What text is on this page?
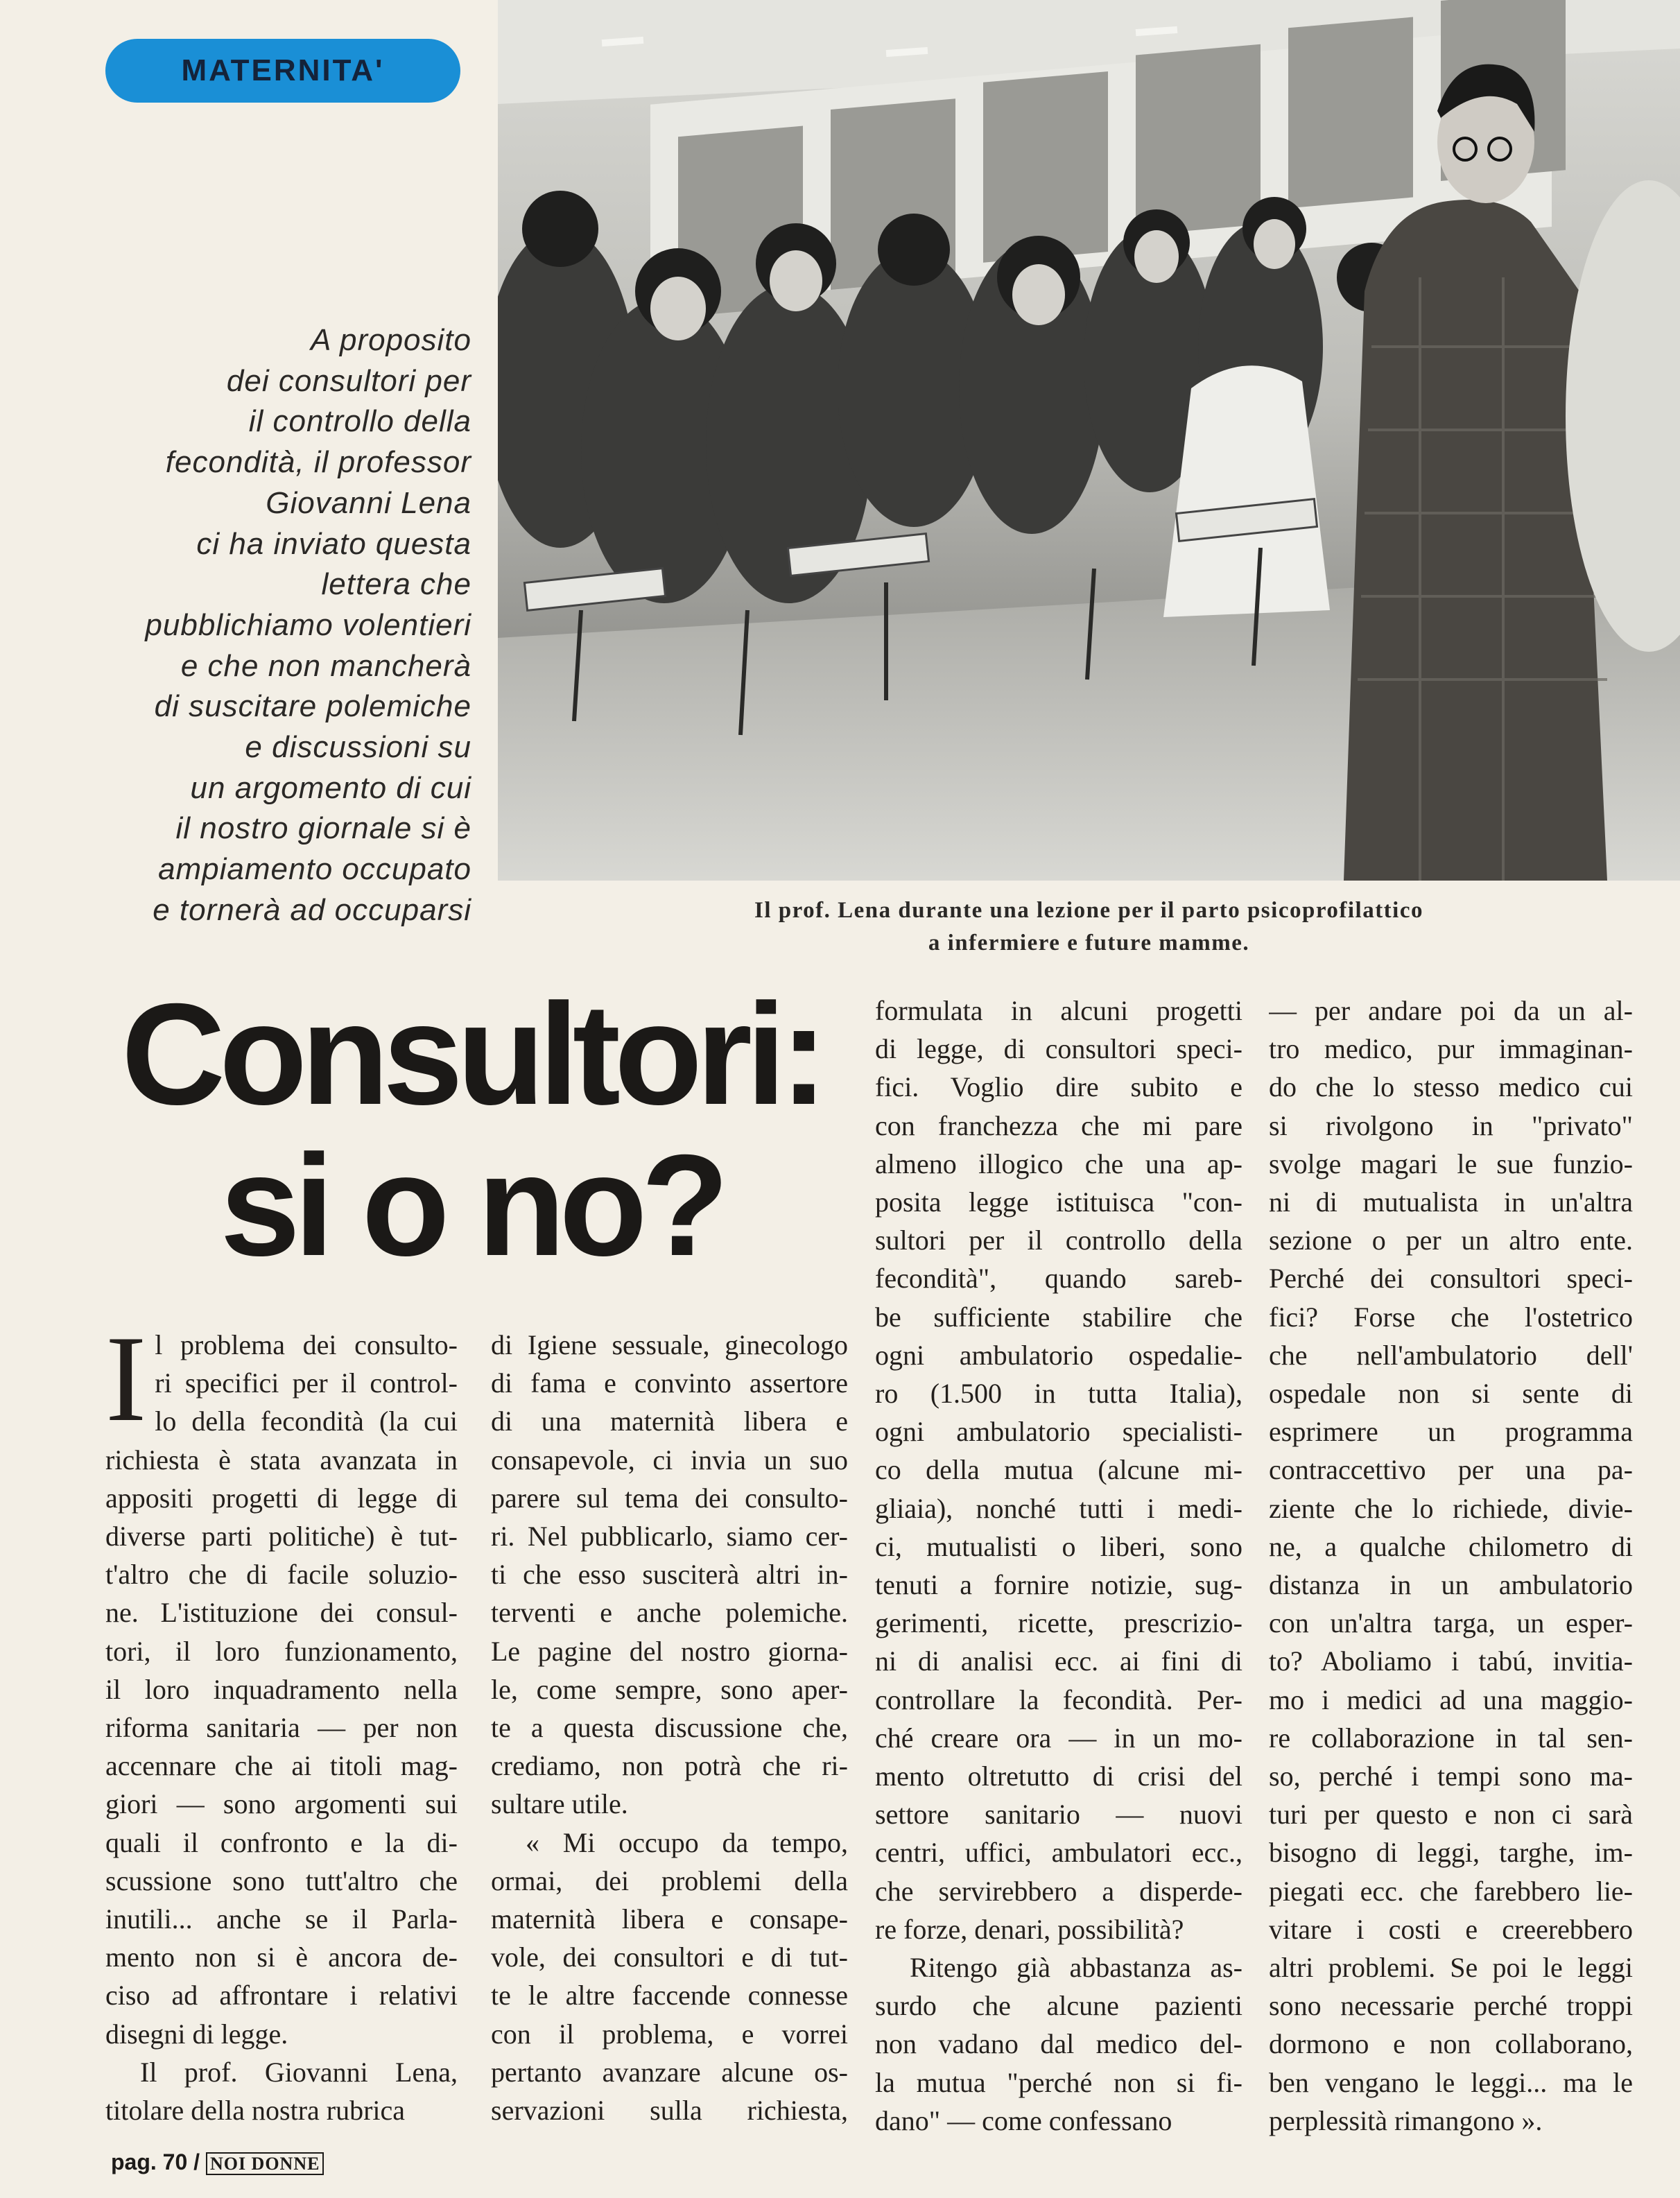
MATERNITA'
A proposito
dei consultori per
il controllo della
fecondità, il professor
Giovanni Lena
ci ha inviato questa
lettera che
pubblichiamo volentieri
e che non mancherà
di suscitare polemiche
e discussioni su
un argomento di cui
il nostro giornale si è
ampiamento occupato
e tornerà ad occuparsi	Il prof. Lena durante una lezione per il parto psicoprofilattico
a infermiere e future mamme.
Consultori:
si o no?
I l problema dei consulto-
ri specifici per il control-
lo della fecondità (la cui
richiesta è stata avanzata in
appositi progetti di legge di
diverse parti politiche) è tut-
t'altro che di facile soluzio-
ne. L'istituzione dei consul-
tori, il loro funzionamento,
il loro inquadramento nella
riforma sanitaria — per non
accennare che ai titoli mag-
giori — sono argomenti sui
quali il confronto e la di-
scussione sono tutt'altro che
inutili... anche se il Parla-
mento non si è ancora de-
ciso ad affrontare i relativi
disegni di legge.
Il prof. Giovanni Lena,
titolare della nostra rubrica
di Igiene sessuale, ginecologo
di fama e convinto assertore
di una maternità libera e
consapevole, ci invia un suo
parere sul tema dei consulto-
ri. Nel pubblicarlo, siamo cer-
ti che esso susciterà altri in-
terventi e anche polemiche.
Le pagine del nostro giorna-
le, come sempre, sono aper-
te a questa discussione che,
crediamo, non potrà che ri-
sultare utile.
« Mi occupo da tempo,
ormai, dei problemi della
maternità libera e consape-
vole, dei consultori e di tut-
te le altre faccende connesse
con il problema, e vorrei
pertanto avanzare alcune os-
servazioni sulla richiesta,
formulata in alcuni progetti
di legge, di consultori speci-
fici. Voglio dire subito e
con franchezza che mi pare
almeno illogico che una ap-
posita legge istituisca "con-
sultori per il controllo della
fecondità", quando sareb-
be sufficiente stabilire che
ogni ambulatorio ospedalie-
ro (1.500 in tutta Italia),
ogni ambulatorio specialisti-
co della mutua (alcune mi-
gliaia), nonché tutti i medi-
ci, mutualisti o liberi, sono
tenuti a fornire notizie, sug-
gerimenti, ricette, prescrizio-
ni di analisi ecc. ai fini di
controllare la fecondità. Per-
ché creare ora — in un mo-
mento oltretutto di crisi del
settore sanitario — nuovi
centri, uffici, ambulatori ecc.,
che servirebbero a disperde-
re forze, denari, possibilità?
Ritengo già abbastanza as-
surdo che alcune pazienti
non vadano dal medico del-
la mutua "perché non si fi-
dano" — come confessano
— per andare poi da un al-
tro medico, pur immaginan-
do che lo stesso medico cui
si rivolgono in "privato"
svolge magari le sue funzio-
ni di mutualista in un'altra
sezione o per un altro ente.
Perché dei consultori speci-
fici? Forse che l'ostetrico
che nell'ambulatorio dell'
ospedale non si sente di
esprimere un programma
contraccettivo per una pa-
ziente che lo richiede, divie-
ne, a qualche chilometro di
distanza in un ambulatorio
con un'altra targa, un esper-
to? Aboliamo i tabú, invitia-
mo i medici ad una maggio-
re collaborazione in tal sen-
so, perché i tempi sono ma-
turi per questo e non ci sarà
bisogno di leggi, targhe, im-
piegati ecc. che farebbero lie-
vitare i costi e creerebbero
altri problemi. Se poi le leggi
sono necessarie perché troppi
dormono e non collaborano,
ben vengano le leggi... ma le
perplessità rimangono ».
pag. 70 / NOI DONNE
